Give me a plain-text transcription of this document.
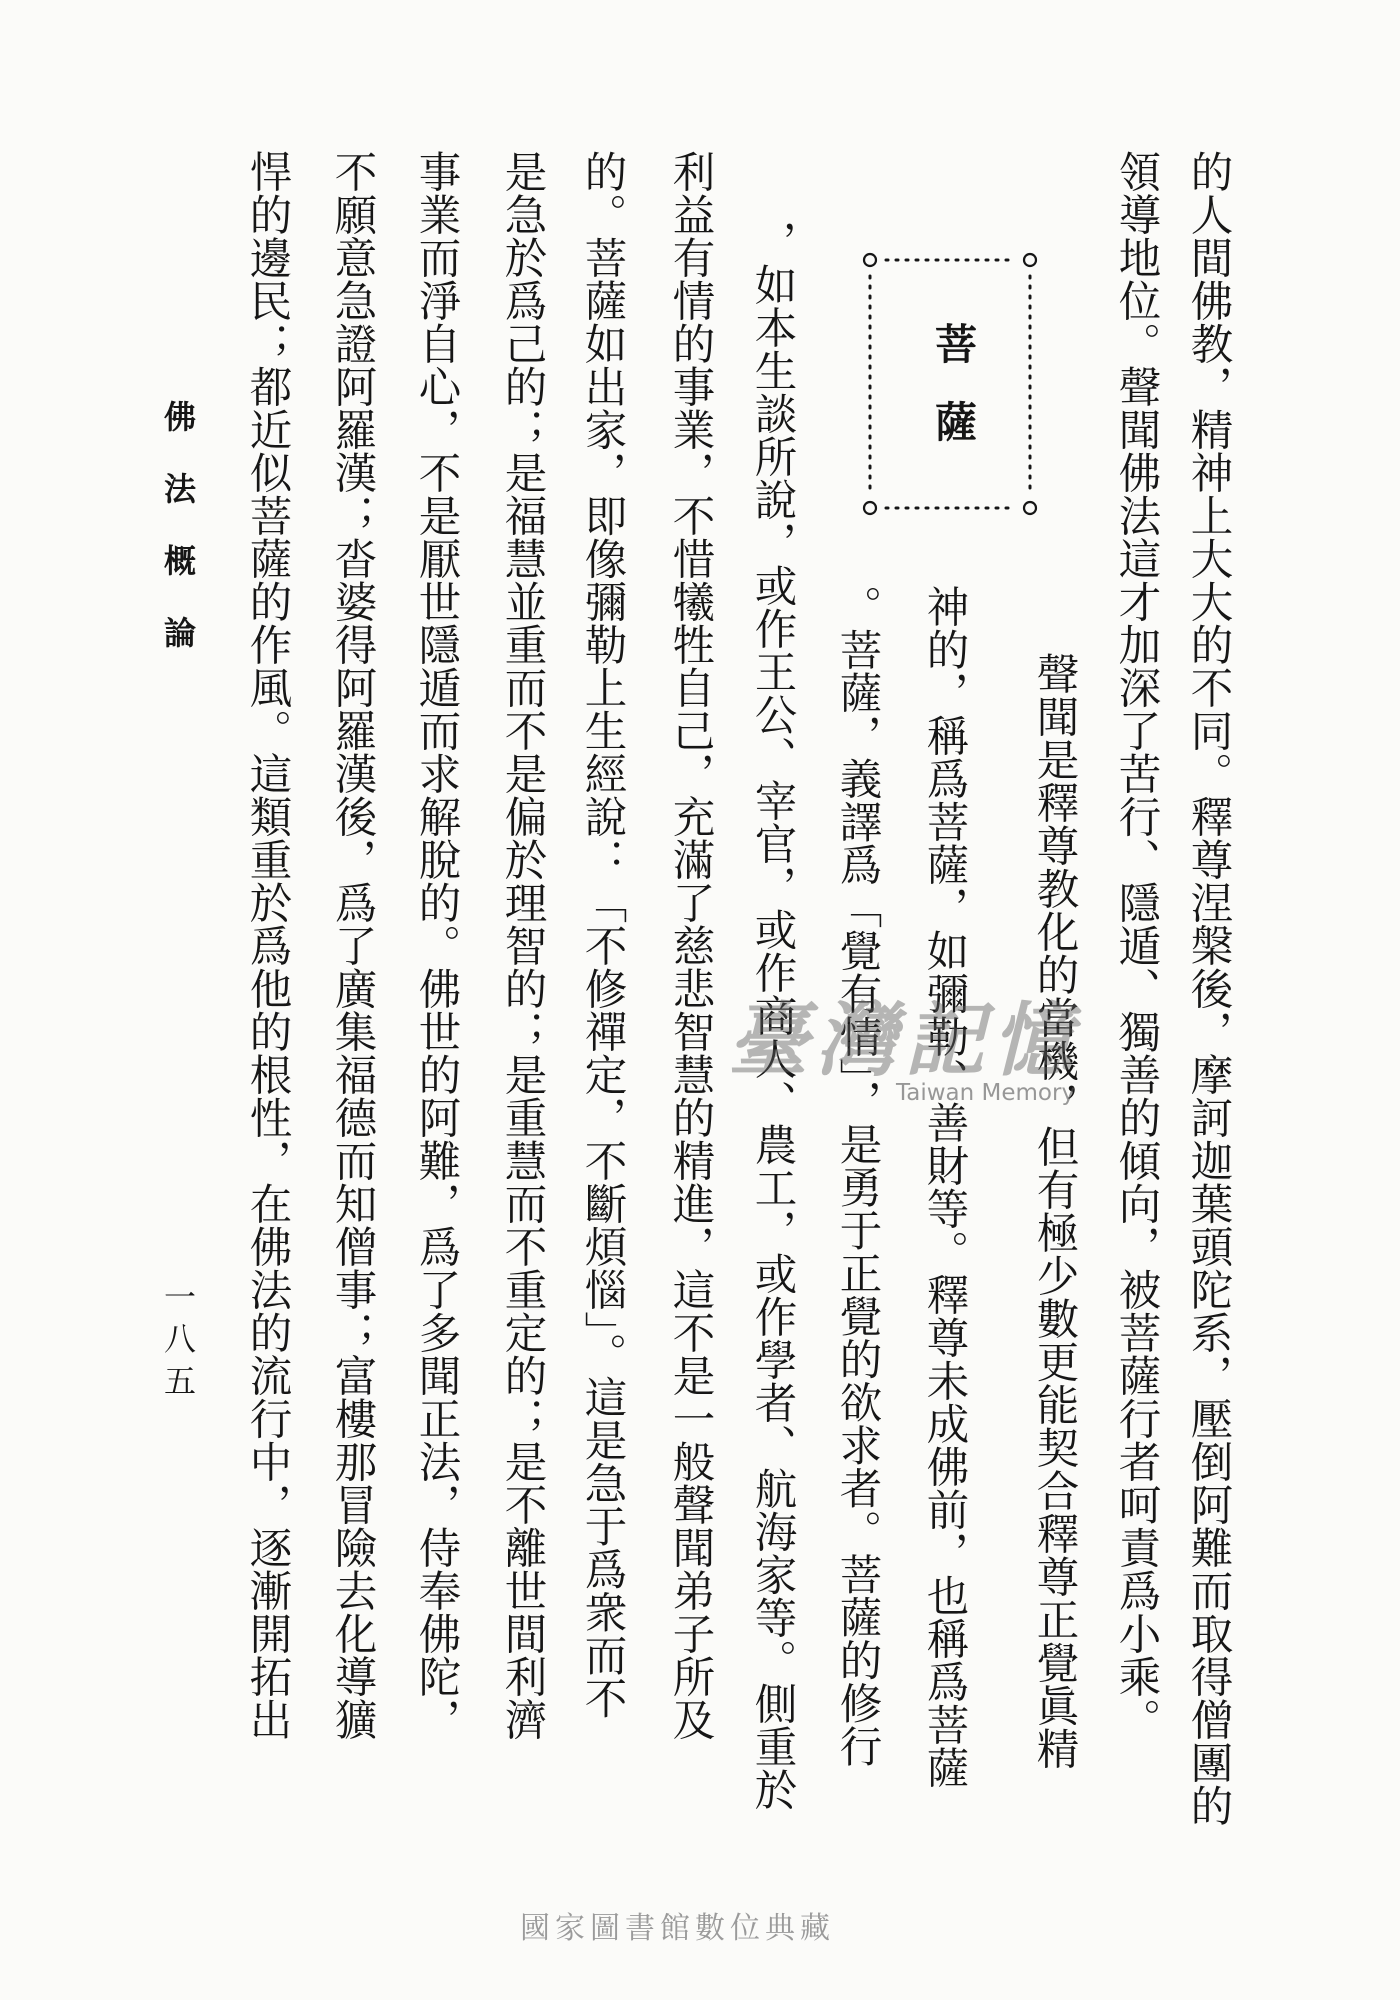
的人間佛教，精神上大大的不同。釋尊涅槃後，摩訶迦葉頭陀系，壓倒阿難而取得僧團的
領導地位。聲聞佛法這才加深了苦行、隱遁、獨善的傾向，被菩薩行者呵責爲小乘。
菩薩
聲聞是釋尊教化的當機，但有極少數更能契合釋尊正覺眞精
神的，稱爲菩薩，如彌勒、善財等。釋尊未成佛前，也稱爲菩薩
。菩薩，義譯爲「覺有情」，是勇于正覺的欲求者。菩薩的修行
，如本生談所說，或作王公、宰官，或作商人、農工，或作學者、航海家等。側重於
利益有情的事業，不惜犧牲自己，充滿了慈悲智慧的精進，這不是一般聲聞弟子所及
的。菩薩如出家，即像彌勒上生經說：「不修禪定，不斷煩惱」。這是急于爲衆而不
是急於爲己的；是福慧並重而不是偏於理智的；是重慧而不重定的；是不離世間利濟
事業而淨自心，不是厭世隱遁而求解脫的。佛世的阿難，爲了多聞正法，侍奉佛陀，
不願意急證阿羅漢；沓婆得阿羅漢後，爲了廣集福德而知僧事；富樓那冒險去化導獷
悍的邊民；都近似菩薩的作風。這類重於爲他的根性，在佛法的流行中，逐漸開拓出
佛法概論
一八五
臺灣記憶
Taiwan Memory
國家圖書館數位典藏
